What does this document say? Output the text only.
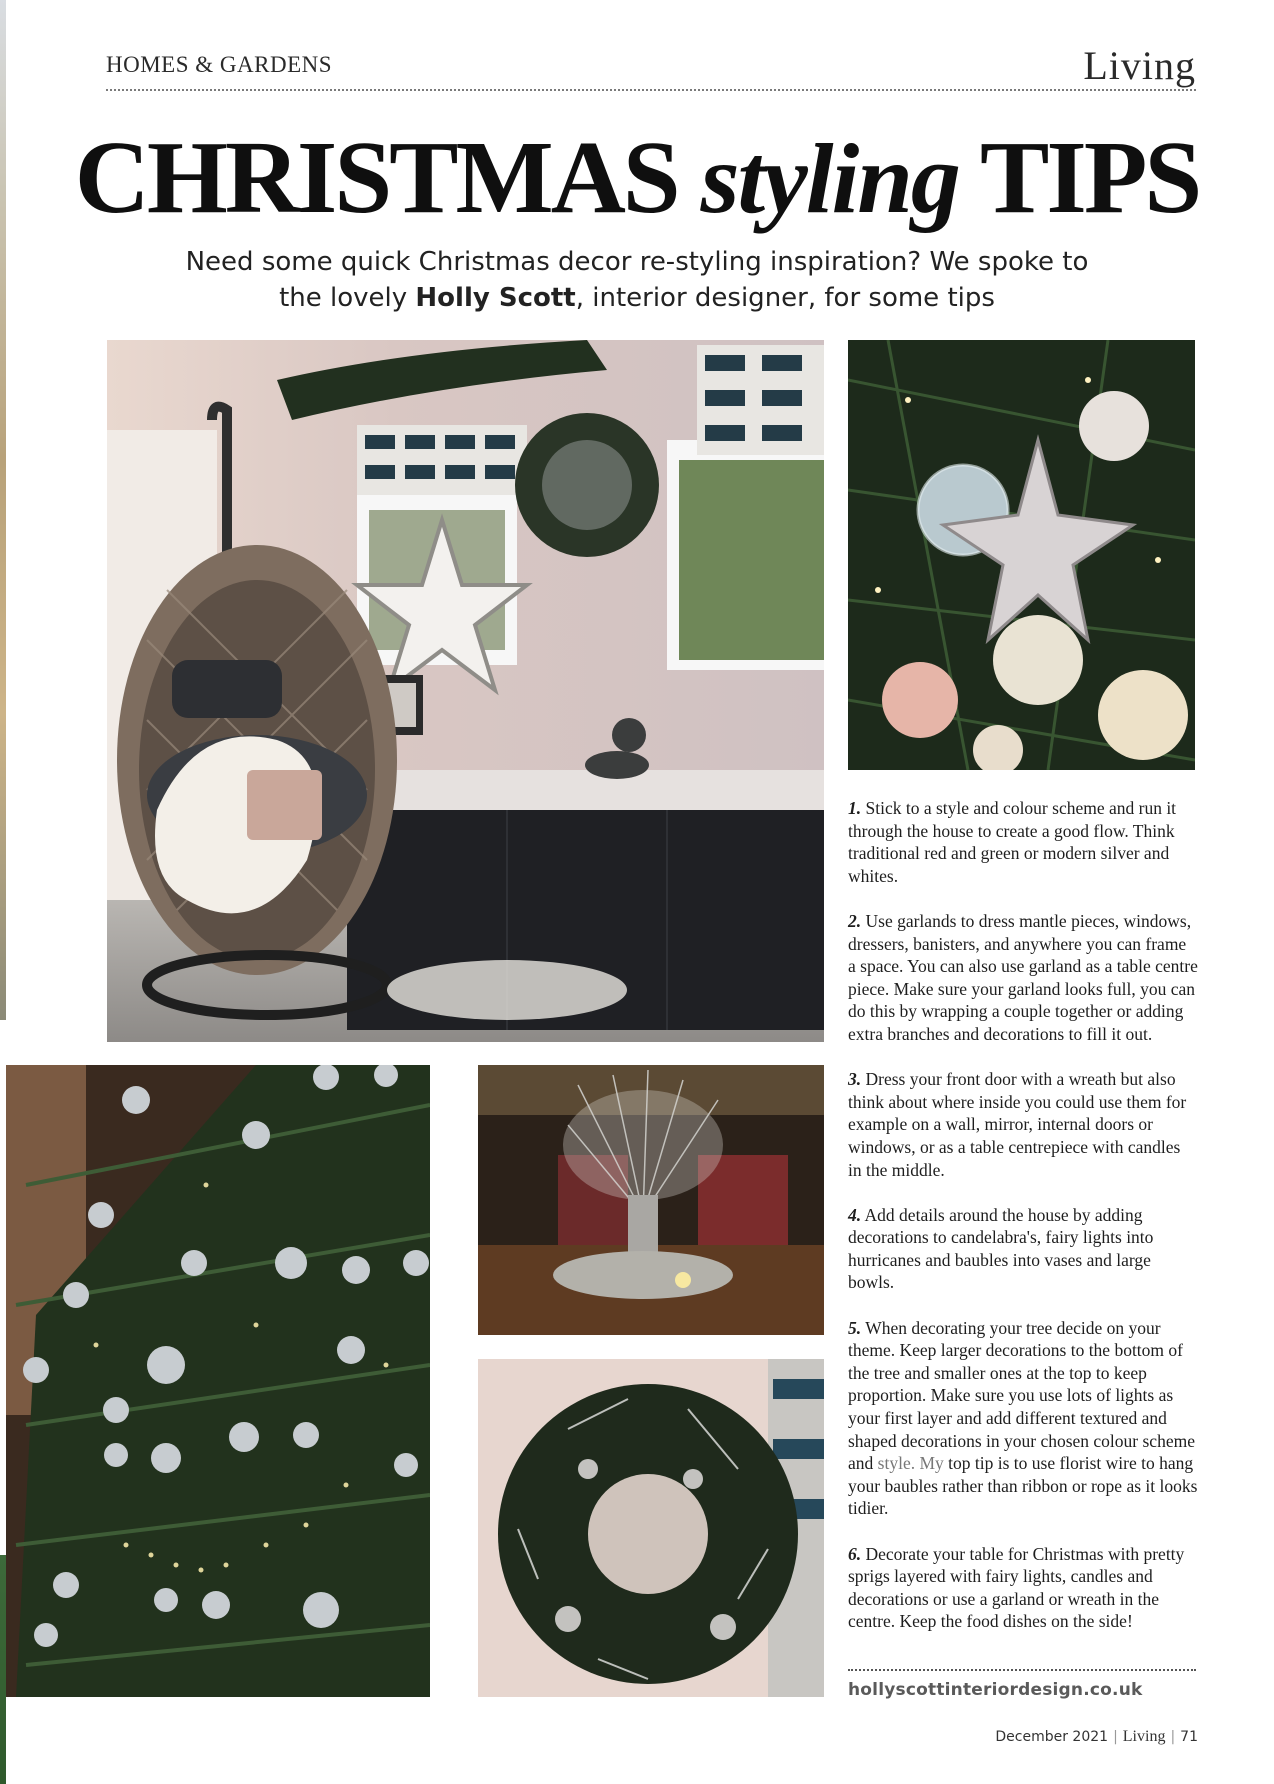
HOMES & GARDENS	Living
CHRISTMAS styling TIPS

Need some quick Christmas decor re-styling inspiration? We spoke to
the lovely Holly Scott, interior designer, for some tips

1. Stick to a style and colour scheme and run it through the house to create a good flow. Think traditional red and green or modern silver and whites.

2. Use garlands to dress mantle pieces, windows, dressers, banisters, and anywhere you can frame a space. You can also use garland as a table centre piece. Make sure your garland looks full, you can do this by wrapping a couple together or adding extra branches and decorations to fill it out.

3. Dress your front door with a wreath but also think about where inside you could use them for example on a wall, mirror, internal doors or windows, or as a table centrepiece with candles in the middle.

4. Add details around the house by adding decorations to candelabra's, fairy lights into hurricanes and baubles into vases and large bowls.

5. When decorating your tree decide on your theme. Keep larger decorations to the bottom of the tree and smaller ones at the top to keep proportion. Make sure you use lots of lights as your first layer and add different textured and shaped decorations in your chosen colour scheme and style. My top tip is to use florist wire to hang your baubles rather than ribbon or rope as it looks tidier.

6. Decorate your table for Christmas with pretty sprigs layered with fairy lights, candles and decorations or use a garland or wreath in the centre. Keep the food dishes on the side!

hollyscottinteriordesign.co.uk
December 2021 | Living | 71
